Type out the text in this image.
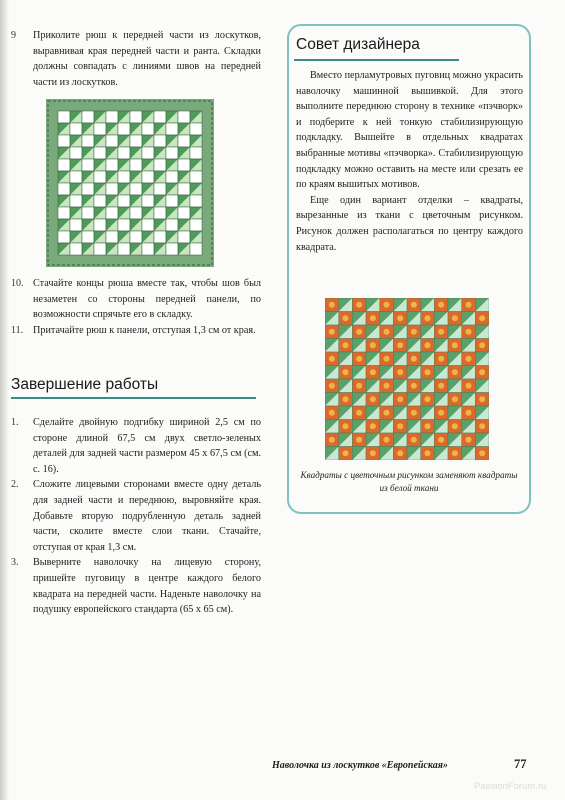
9	Приколите рюш к передней части из лоскутков, выравнивая края передней части и ранта. Складки должны совпадать с линиями швов на передней части из лоскутков.
10. Стачайте концы рюша вместе так, чтобы шов был незаметен со стороны передней панели, по возможности спрячьте его в складку.
11. Притачайте рюш к панели, отступая 1,3 см от края.
Завершение работы
1.	Сделайте двойную подгибку шириной 2,5 см по стороне длиной 67,5 см двух светло-зеленых деталей для задней части размером 45 х 67,5 см (см. с. 16).
2.	Сложите лицевыми сторонами вместе одну деталь для задней части и переднюю, выровняйте края. Добавьте вторую подрубленную деталь задней части, сколите вместе слои ткани. Стачайте, отступая от края 1,3 см.
3.	Выверните наволочку на лицевую сторону, пришейте пуговицу в центре каждого белого квадрата на передней части. Наденьте наволочку на подушку европейского стандарта (65 х 65 см).
Совет дизайнера

Вместо перламутровых пуговиц можно украсить наволочку машинной вышивкой. Для этого выполните переднюю сторону в технике «пэчворк» и подберите к ней тонкую стабилизирующую подкладку. Вышейте в отдельных квадратах выбранные мотивы «пэчворка». Стабилизирующую подкладку можно оставить на месте или срезать ее по краям вышитых мотивов.

Еще один вариант отделки – квадраты, вырезанные из ткани с цветочным рисунком. Рисунок должен располагаться по центру каждого квадрата.

Квадраты с цветочным рисунком заменяют квадраты из белой ткани
Наволочка из лоскутков «Европейская»	77
PassionForum.ru
